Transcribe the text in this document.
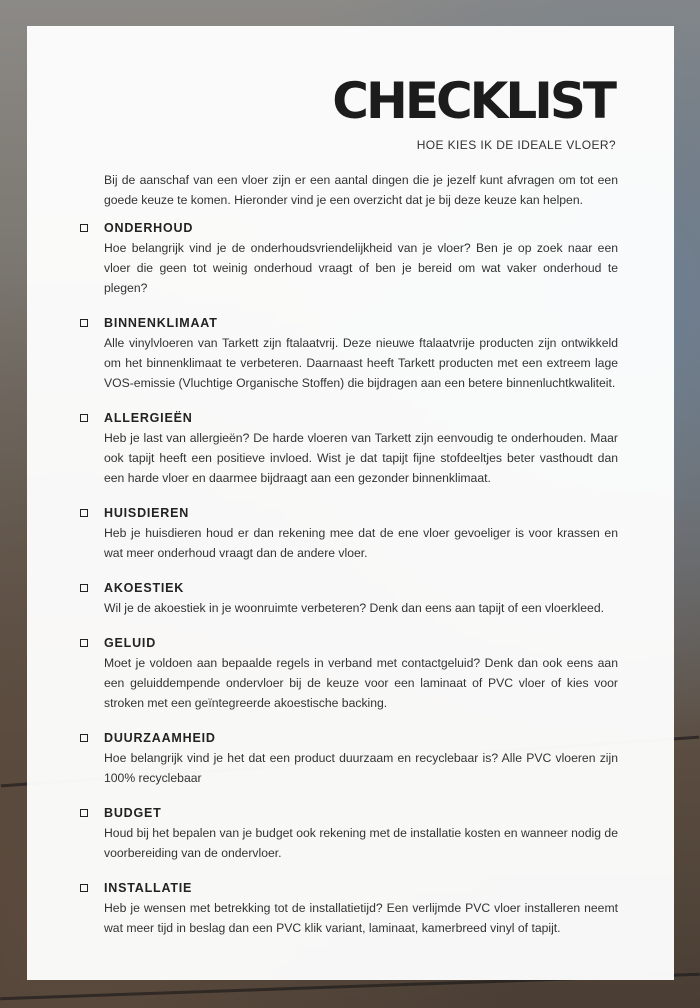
CHECKLIST
HOE KIES IK DE IDEALE VLOER?

Bij de aanschaf van een vloer zijn er een aantal dingen die je jezelf kunt afvragen om tot een goede keuze te komen. Hieronder vind je een overzicht dat je bij deze keuze kan helpen.

ONDERHOUD

Hoe belangrijk vind je de onderhoudsvriendelijkheid van je vloer? Ben je op zoek naar een vloer die geen tot weinig onderhoud vraagt of ben je bereid om wat vaker onderhoud te plegen?

BINNENKLIMAAT

Alle vinylvloeren van Tarkett zijn ftalaatvrij. Deze nieuwe ftalaatvrije producten zijn ontwikkeld om het binnenklimaat te verbeteren. Daarnaast heeft Tarkett producten met een extreem lage VOS-emissie (Vluchtige Organische Stoffen) die bijdragen aan een betere binnenluchtkwaliteit.

ALLERGIEËN

Heb je last van allergieën? De harde vloeren van Tarkett zijn eenvoudig te onderhouden. Maar ook tapijt heeft een positieve invloed. Wist je dat tapijt fijne stofdeeltjes beter vasthoudt dan een harde vloer en daarmee bijdraagt aan een gezonder binnenklimaat.

HUISDIEREN

Heb je huisdieren houd er dan rekening mee dat de ene vloer gevoeliger is voor krassen en wat meer onderhoud vraagt dan de andere vloer.

AKOESTIEK

Wil je de akoestiek in je woonruimte verbeteren? Denk dan eens aan tapijt of een vloerkleed.

GELUID

Moet je voldoen aan bepaalde regels in verband met contactgeluid? Denk dan ook eens aan een geluiddempende ondervloer bij de keuze voor een laminaat of PVC vloer of kies voor stroken met een geïntegreerde akoestische backing.

DUURZAAMHEID

Hoe belangrijk vind je het dat een product duurzaam en recyclebaar is? Alle PVC vloeren zijn 100% recyclebaar

BUDGET

Houd bij het bepalen van je budget ook rekening met de installatie kosten en wanneer nodig de voorbereiding van de ondervloer.

INSTALLATIE

Heb je wensen met betrekking tot de installatietijd? Een verlijmde PVC vloer installeren neemt wat meer tijd in beslag dan een PVC klik variant, laminaat, kamerbreed vinyl of tapijt.
